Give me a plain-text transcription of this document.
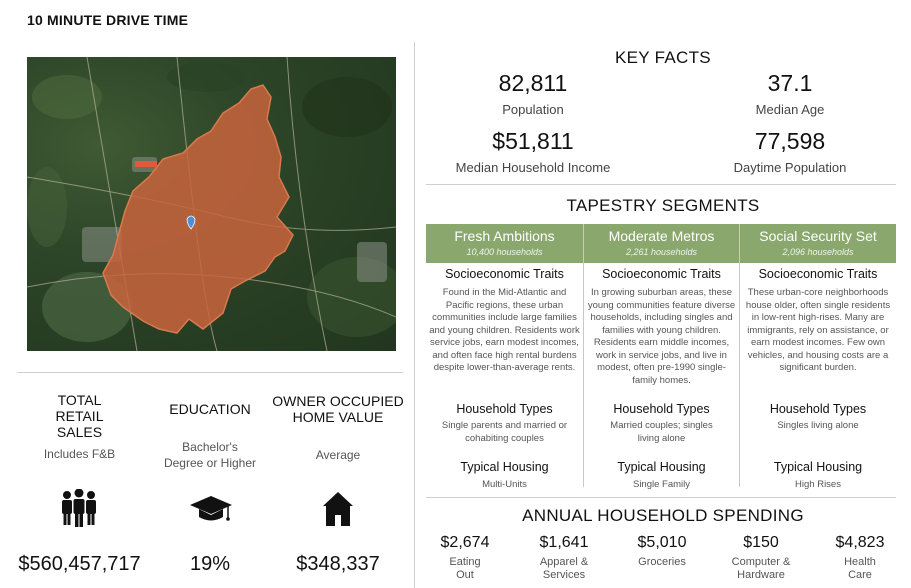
10 MINUTE DRIVE TIME
TOTAL RETAIL SALES
Includes F&B
EDUCATION
Bachelor's Degree or Higher
OWNER OCCUPIED HOME VALUE
Average
$560,457,717	19%	$348,337
KEY FACTS
82,811
Population
37.1
Median Age
$51,811
Median Household Income
77,598
Daytime Population
TAPESTRY SEGMENTS
Fresh Ambitions
10,400 households
Moderate Metros
2,261 households
Social Security Set
2,096 households
Socioeconomic Traits
Found in the Mid-Atlantic and Pacific regions, these urban communities include large families and young children. Residents work service jobs, earn modest incomes, and often face high rental burdens despite lower-than-average rents.
Household Types
Single parents and married or cohabiting couples
Typical Housing
Multi-Units
Socioeconomic Traits
In growing suburban areas, these young communities feature diverse households, including singles and families with young children. Residents earn middle incomes, work in service jobs, and live in modest, often pre-1990 single-family homes.
Household Types
Married couples; singles living alone
Typical Housing
Single Family
Socioeconomic Traits
These urban-core neighborhoods house older, often single residents in low-rent high-rises. Many are immigrants, rely on assistance, or earn modest incomes. Few own vehicles, and housing costs are a significant burden.
Household Types
Singles living alone
Typical Housing
High Rises
ANNUAL HOUSEHOLD SPENDING
$2,674
Eating Out
$1,641
Apparel & Services
$5,010
Groceries
$150
Computer & Hardware
$4,823
Health Care
